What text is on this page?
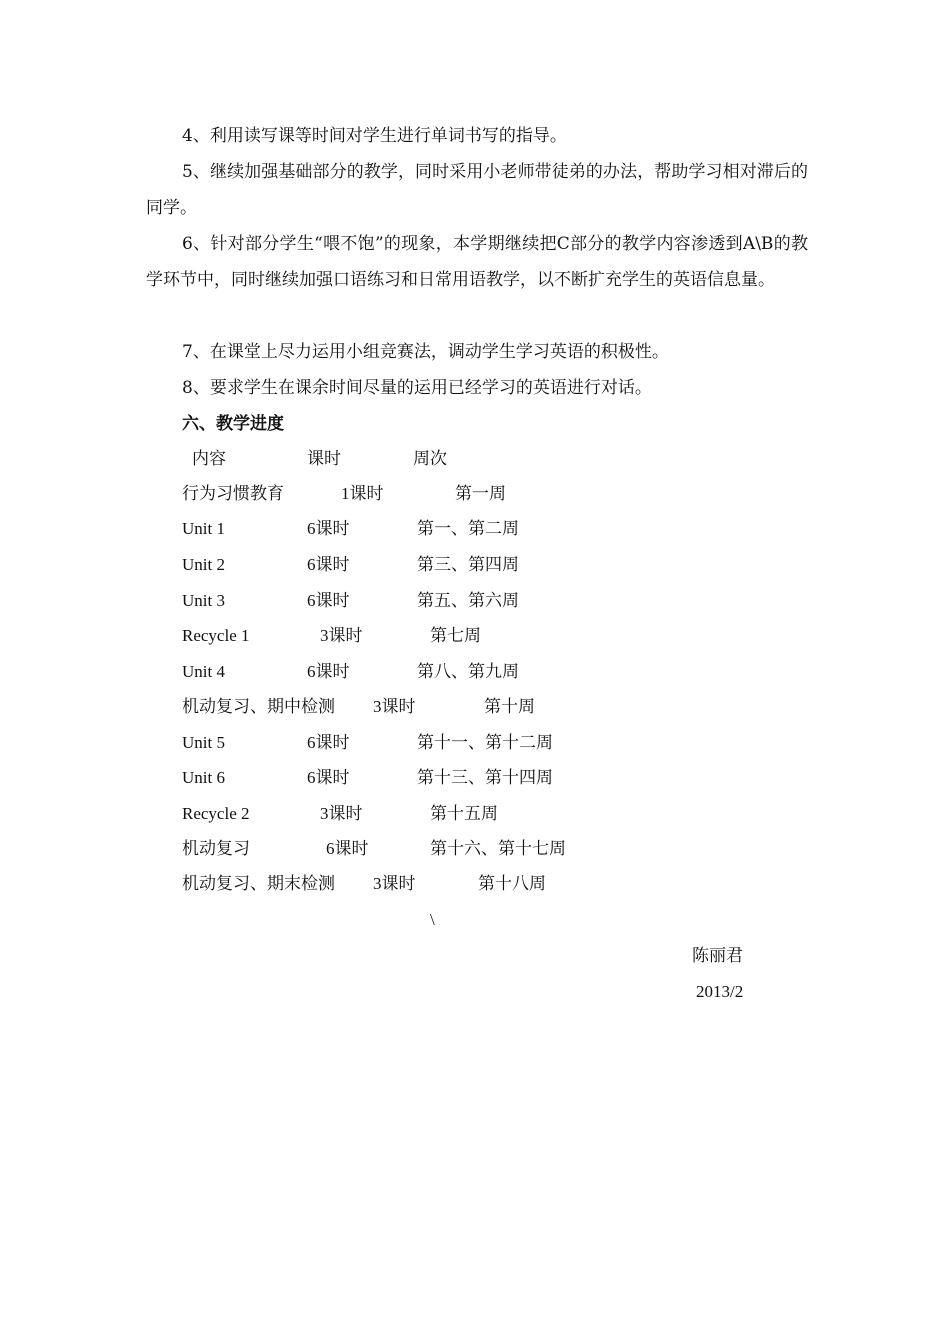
4、利用读写课等时间对学生进行单词书写的指导。
5、继续加强基础部分的教学，同时采用小老师带徒弟的办法，帮助学习相对滞后的同学。
6、针对部分学生“喂不饱”的现象，本学期继续把C部分的教学内容渗透到A\B的教学环节中，同时继续加强口语练习和日常用语教学，以不断扩充学生的英语信息量。
7、在课堂上尽力运用小组竞赛法，调动学生学习英语的积极性。
8、要求学生在课余时间尽量的运用已经学习的英语进行对话。
六、教学进度
内容	课时	周次
行为习惯教育	1课时	第一周
Unit 1	6课时	第一、第二周
Unit 2	6课时	第三、第四周
Unit 3	6课时	第五、第六周
Recycle 1	3课时	第七周
Unit 4	6课时	第八、第九周
机动复习、期中检测 3课时	第十周
Unit 5	6课时	第十一、第十二周
Unit 6	6课时	第十三、第十四周
Recycle 2	3课时	第十五周
机动复习	6课时	第十六、第十七周
机动复习、期末检测 3课时	第十八周
\
陈丽君
2013/2
